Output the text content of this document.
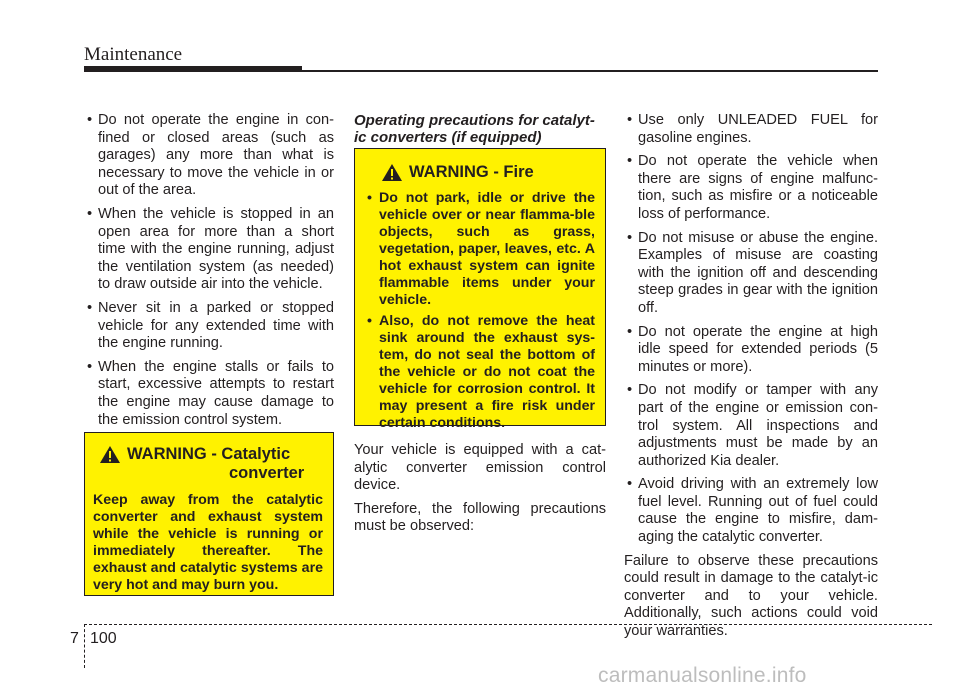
Maintenance
• Do not operate the engine in con-fined or closed areas (such as garages) any more than what is necessary to move the vehicle in or out of the area.
• When the vehicle is stopped in an open area for more than a short time with the engine running, adjust the ventilation system (as needed) to draw outside air into the vehicle.
• Never sit in a parked or stopped vehicle for any extended time with the engine running.
• When the engine stalls or fails to start, excessive attempts to restart the engine may cause damage to the emission control system.
WARNING - Catalytic
converter
Keep away from the catalytic converter and exhaust system while the vehicle is running or immediately thereafter. The exhaust and catalytic systems are very hot and may burn you.
Operating precautions for catalyt-ic converters (if equipped)
WARNING - Fire
• Do not park, idle or drive the vehicle over or near flamma-ble objects, such as grass, vegetation, paper, leaves, etc. A hot exhaust system can ignite flammable items under your vehicle.
• Also, do not remove the heat sink around the exhaust sys-tem, do not seal the bottom of the vehicle or do not coat the vehicle for corrosion control. It may present a fire risk under certain conditions.

Your vehicle is equipped with a cat-alytic converter emission control device.

Therefore, the following precautions must be observed:

• Use only UNLEADED FUEL for gasoline engines.
• Do not operate the vehicle when there are signs of engine malfunc-tion, such as misfire or a noticeable loss of performance.
• Do not misuse or abuse the engine. Examples of misuse are coasting with the ignition off and descending steep grades in gear with the ignition off.
• Do not operate the engine at high idle speed for extended periods (5 minutes or more).
• Do not modify or tamper with any part of the engine or emission con-trol system. All inspections and adjustments must be made by an authorized Kia dealer.
• Avoid driving with an extremely low fuel level. Running out of fuel could cause the engine to misfire, dam-aging the catalytic converter.

Failure to observe these precautions could result in damage to the catalyt-ic converter and to your vehicle. Additionally, such actions could void your warranties.

7 100
carmanualsonline.info
